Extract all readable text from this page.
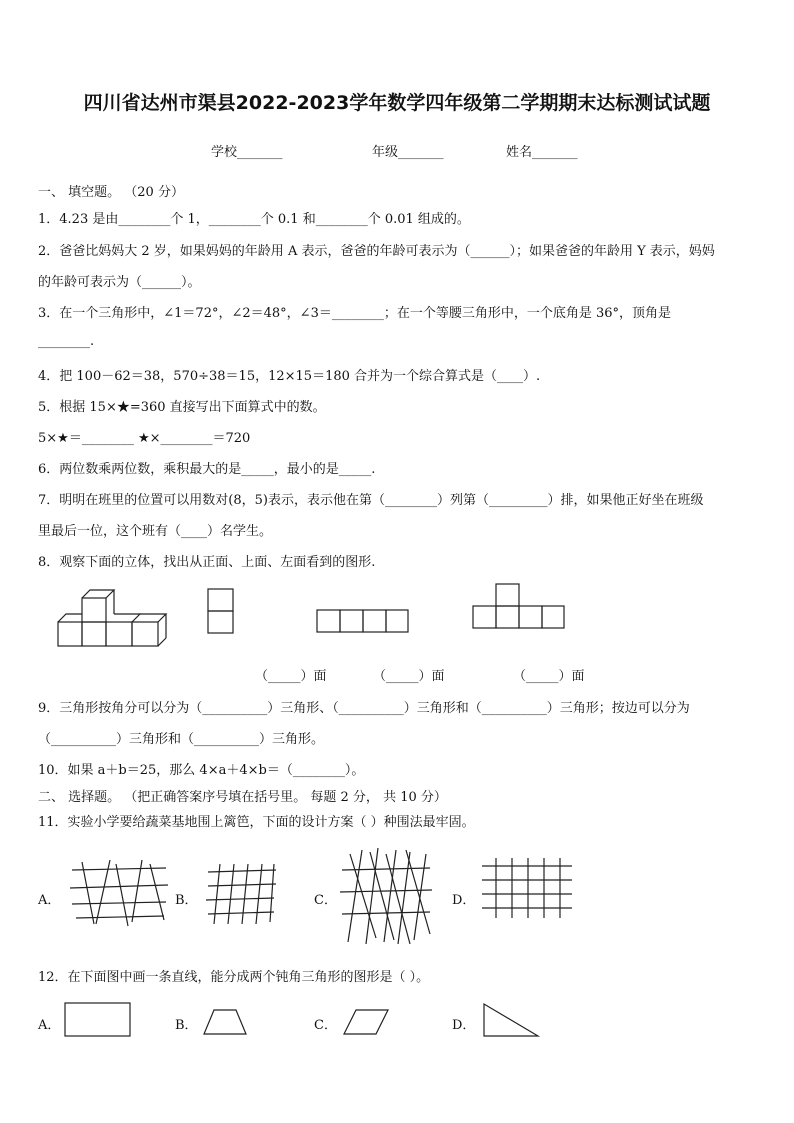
四川省达州市渠县2022-2023学年数学四年级第二学期期末达标测试试题
学校_______	年级_______	姓名_______
一、 填空题。 （20 分）
1．4.23 是由________个 1，________个 0.1 和________个 0.01 组成的。
2．爸爸比妈妈大 2 岁，如果妈妈的年龄用 A 表示，爸爸的年龄可表示为（______）；如果爸爸的年龄用 Y 表示，妈妈
的年龄可表示为（______）。
3．在一个三角形中，∠1＝72°，∠2＝48°，∠3＝________；在一个等腰三角形中，一个底角是 36°，顶角是
________.
4．把 100－62＝38，570÷38＝15，12×15＝180 合并为一个综合算式是（____）.
5．根据 15×★=360 直接写出下面算式中的数。
5×★＝________ ★×________＝720
6．两位数乘两位数，乘积最大的是_____，最小的是_____.
7．明明在班里的位置可以用数对(8，5)表示，表示他在第（________）列第（_________）排，如果他正好坐在班级
里最后一位，这个班有（____）名学生。
8．观察下面的立体，找出从正面、上面、左面看到的图形.
（_____）面	（_____）面	（_____）面
9．三角形按角分可以分为（__________）三角形、（__________）三角形和（__________）三角形；按边可以分为
（__________）三角形和（__________）三角形。
10．如果 a＋b＝25，那么 4×a＋4×b＝（________）。
二、 选择题。 （把正确答案序号填在括号里。 每题 2 分， 共 10 分）
11．实验小学要给蔬菜基地围上篱笆，下面的设计方案（ ）种围法最牢固。
A．	B．	C．	D．
12．在下面图中画一条直线，能分成两个钝角三角形的图形是（ ）。
A．	B．	C．	D．
